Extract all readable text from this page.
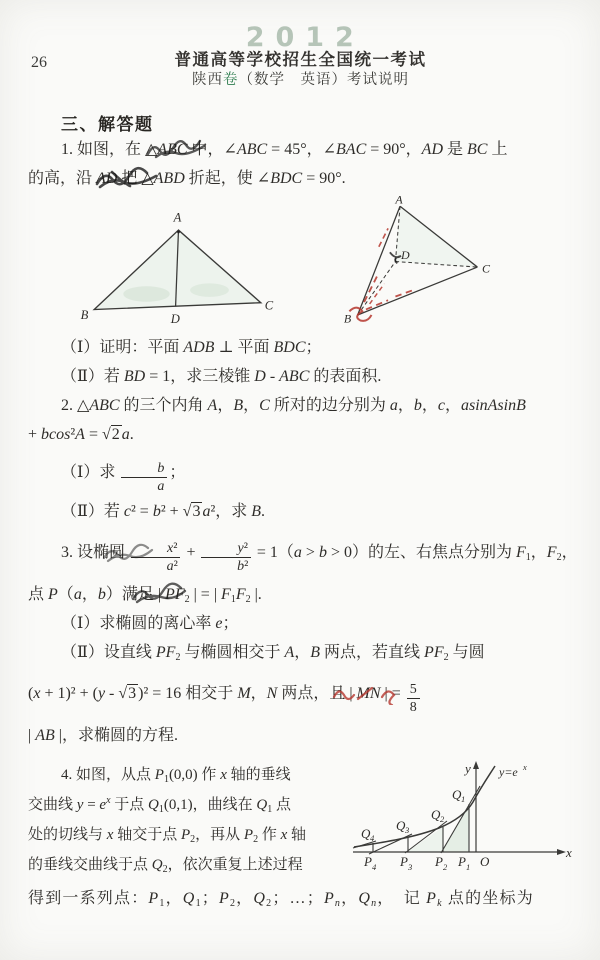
2012
26	普通高等学校招生全国统一考试
陕西卷（数学　英语）考试说明
三、解答题
1. 如图，在 △ABC 中，∠ABC = 45°，∠BAC = 90°，AD 是 BC 上
的高，沿 AD 把 △ABD 折起，使 ∠BDC = 90°.
A
B
C
D
A
B
C
D
（Ⅰ）证明：平面 ADB ⊥ 平面 BDC；
（Ⅱ）若 BD = 1，求三棱锥 D - ABC 的表面积.
2. △ABC 的三个内角 A，B，C 所对的边分别为 a，b，c，asinAsinB
+ bcos²A = √2 a.
（Ⅰ）求 $\frac{b}{a}$ ；
（Ⅱ）若 c² = b² + √3 a²，求 B.
3. 设椭圆 $\frac{\text{x²}}{\text{a²}} + \frac{\text{y²}}{\text{b²}} = 1(a > b > 0)$的左、右焦点分别为 $F_1$，$F_2$，
点 P（a，b）满足 | $PF_2$ | = | $F_1F_2$ |.
（Ⅰ）求椭圆的离心率 e；
（Ⅱ）设直线 $PF_2$ 与椭圆相交于 A，B 两点，若直线 $PF_2$ 与圆
(x + 1)² + (y - √3 )² = 16 相交于 M，N 两点，且 | MN | = $\frac{5}{8}$
| AB |，求椭圆的方程.
y
x
y=e x
Q 4
Q 3
Q 2
Q 1
P 4 P 3 P 2 P 1 O
4. 如图，从点 $P_1(0,0)$ 作 x 轴的垂线
交曲线 $y = e^x$ 于点 $Q_1(0,1)$，曲线在 $Q_1$ 点
处的切线与 x 轴交于点 $P_2$，再从 $P_2$ 作 x 轴
的垂线交曲线于点 $Q_2$，依次重复上述过程
得到一系列点：$P_1$，$Q_1$；$P_2$，$Q_2$；…；$P_n$，$Q_n$，　记 $P_k$ 点的坐标为
